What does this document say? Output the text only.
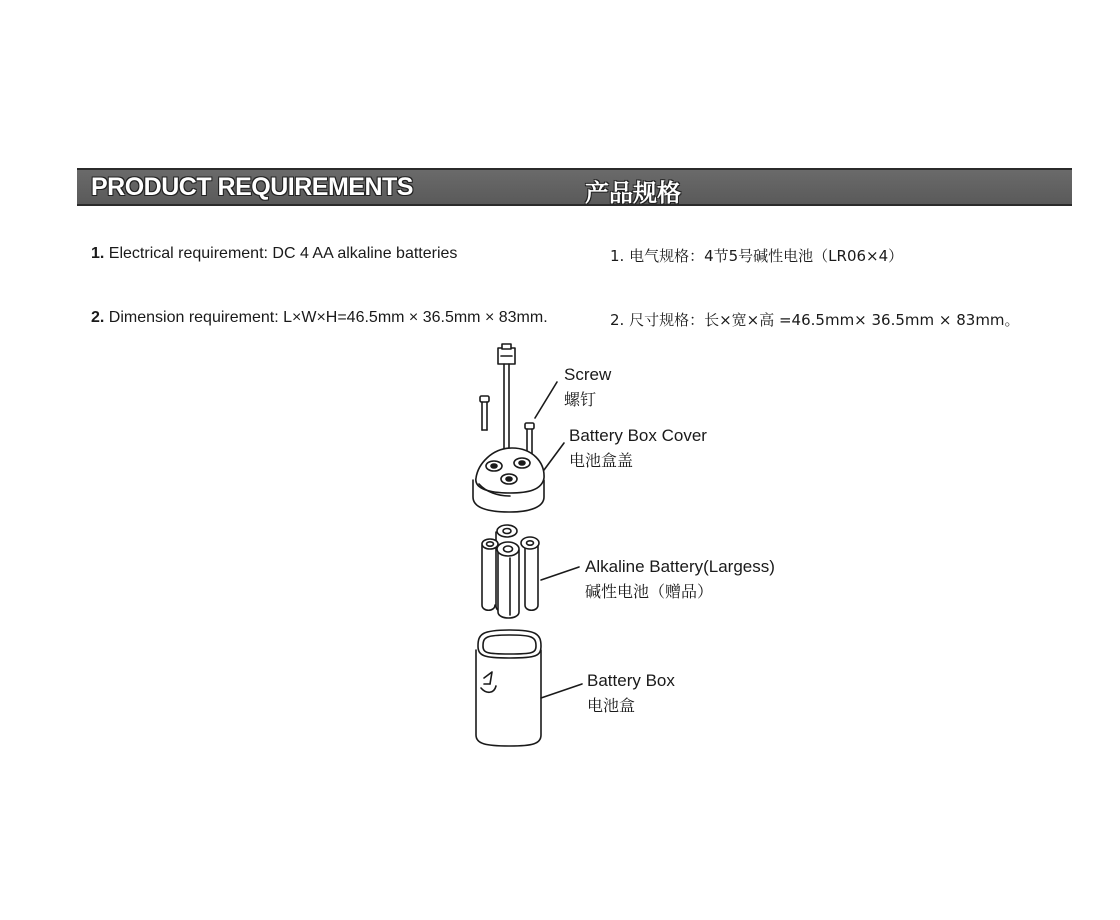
PRODUCT REQUIREMENTS	产品规格
1. Electrical requirement: DC 4 AA alkaline batteries
2. Dimension requirement: L×W×H=46.5mm × 36.5mm × 83mm.
1. 电气规格：4节5号碱性电池（LR06×4）
2. 尺寸规格：长×宽×高 =46.5mm× 36.5mm × 83mm。
Screw
螺钉
Battery Box Cover
电池盒盖
Alkaline Battery(Largess)
碱性电池（赠品）
Battery Box
电池盒
